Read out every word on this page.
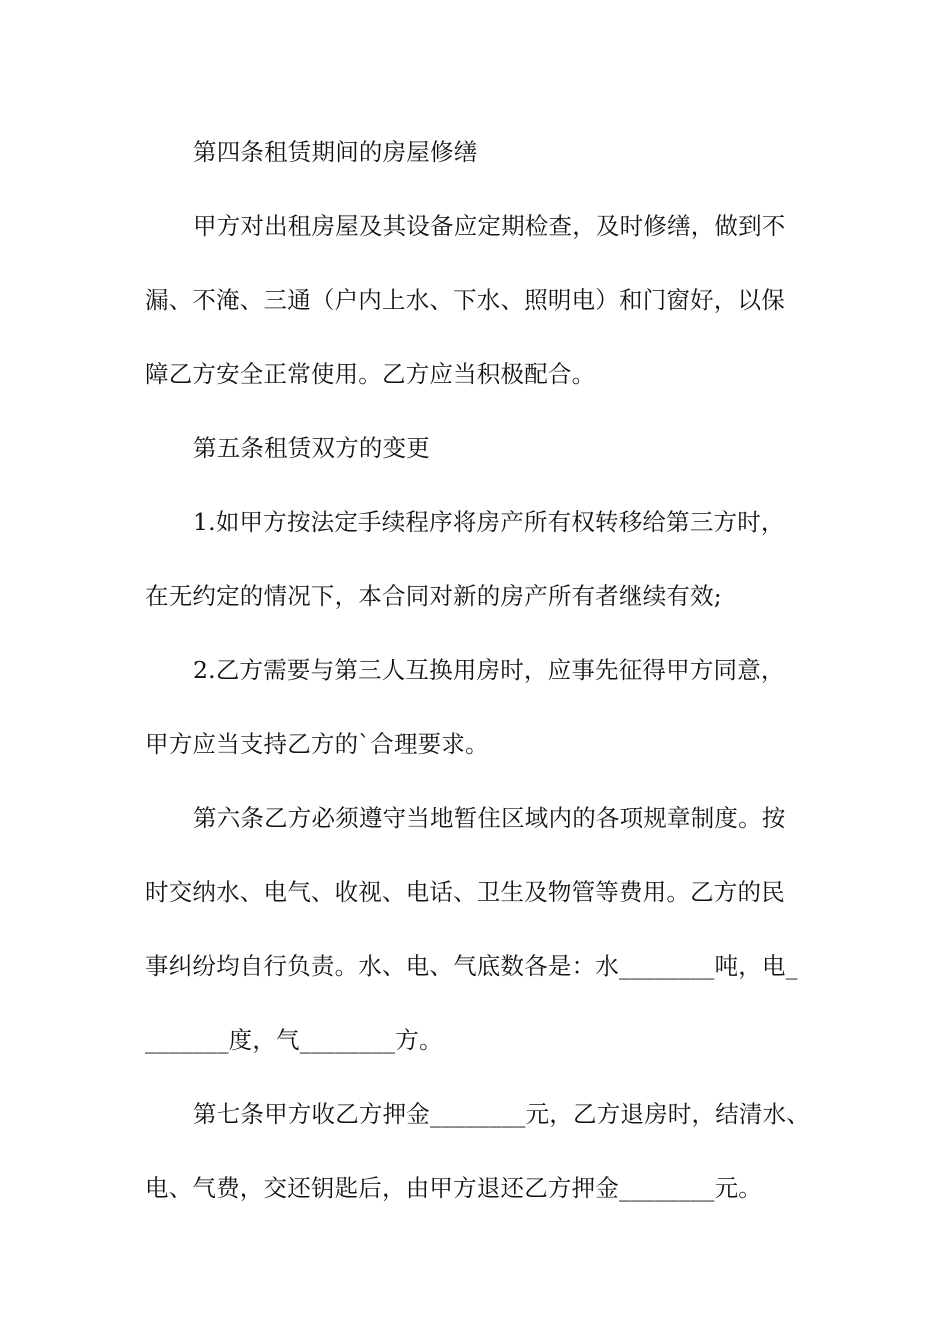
第四条租赁期间的房屋修缮
甲方对出租房屋及其设备应定期检查，及时修缮，做到不
漏、不淹、三通（户内上水、下水、照明电）和门窗好，以保
障乙方安全正常使用。乙方应当积极配合。
第五条租赁双方的变更
1.如甲方按法定手续程序将房产所有权转移给第三方时，
在无约定的情况下，本合同对新的房产所有者继续有效;
2.乙方需要与第三人互换用房时，应事先征得甲方同意，
甲方应当支持乙方的`合理要求。
第六条乙方必须遵守当地暂住区域内的各项规章制度。按
时交纳水、电气、收视、电话、卫生及物管等费用。乙方的民
事纠纷均自行负责。水、电、气底数各是：水________吨，电_
_______度，气________方。
第七条甲方收乙方押金________元，乙方退房时，结清水、
电、气费，交还钥匙后，由甲方退还乙方押金________元。
